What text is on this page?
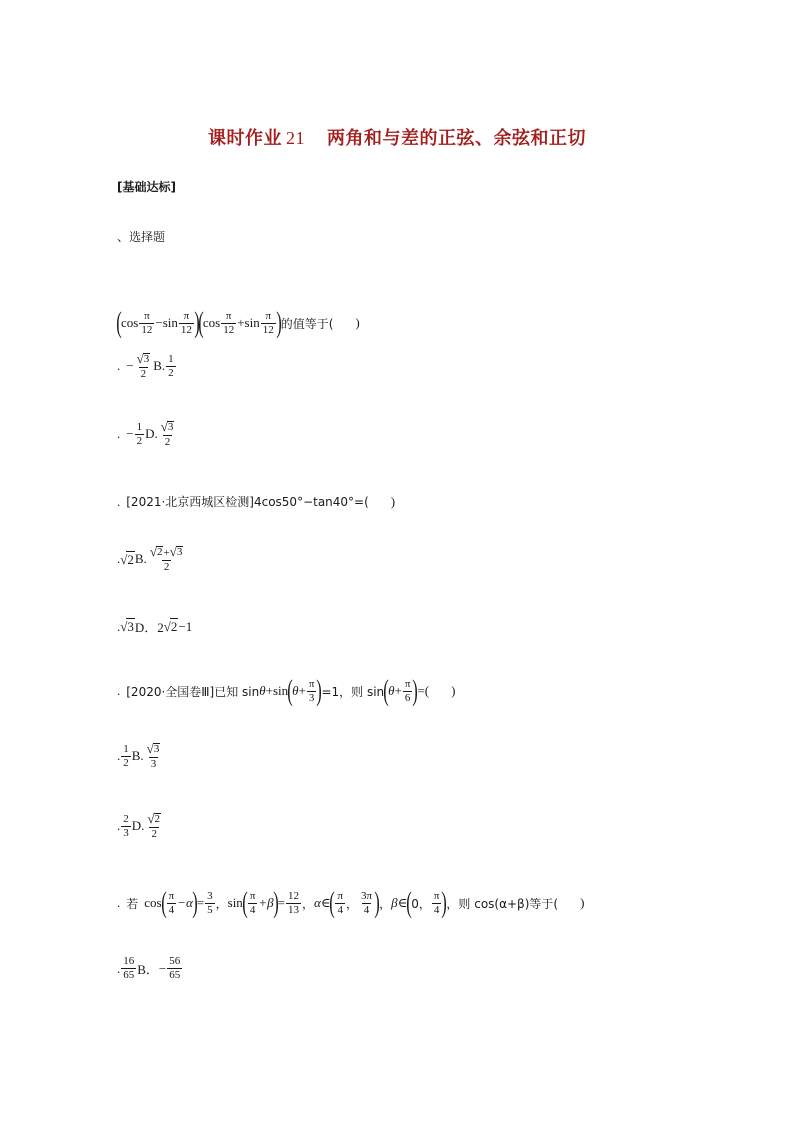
课时作业 21 两角和与差的正弦、余弦和正切
[基础达标]
、选择题
( $\cos \frac{\pi}{12} - \sin \frac{\pi}{12}$ )
( $\cos \frac{\pi}{12} + \sin \frac{\pi}{12}$ ) 的值等于( )
. − $\frac{√ 3}{2} B$. $\frac{1}{2}$
. − $\frac{1}{2} D$. $\frac{√ 3}{2}$
. [2021·北京西城区检测]4cos50°−tan40°=( )
. √ 2 B. $\frac{√ 2 + √ 3}{2}$
. √ 3 D．2 √ 2 −1
. [2020·全国卷Ⅲ]已知 sin θ + sin ( $\theta + \frac{\pi}{3}$ ) =1，则 sin ( $\theta + \frac{\pi}{6}$ ) =( )
. $\frac{1}{2} B$. $\frac{√ 3}{3}$
. $\frac{2}{3} D$. $\frac{√ 2}{2}$
. 若 cos ( $\frac{\pi}{4} -\alpha$ ) = $\frac{3}{5}$ ， sin ( $\frac{\pi}{4} +\beta$ ) = $\frac{12}{13}$ ， α ∈ ( $\frac{\pi}{4}$ ， $\frac{3\pi}{4}$ ) ， β ∈ ( 0， $\frac{\pi}{4}$ ) ，则 cos(α+β)等于( )
. $\frac{16}{65}$ B． − $\frac{56}{65}$
